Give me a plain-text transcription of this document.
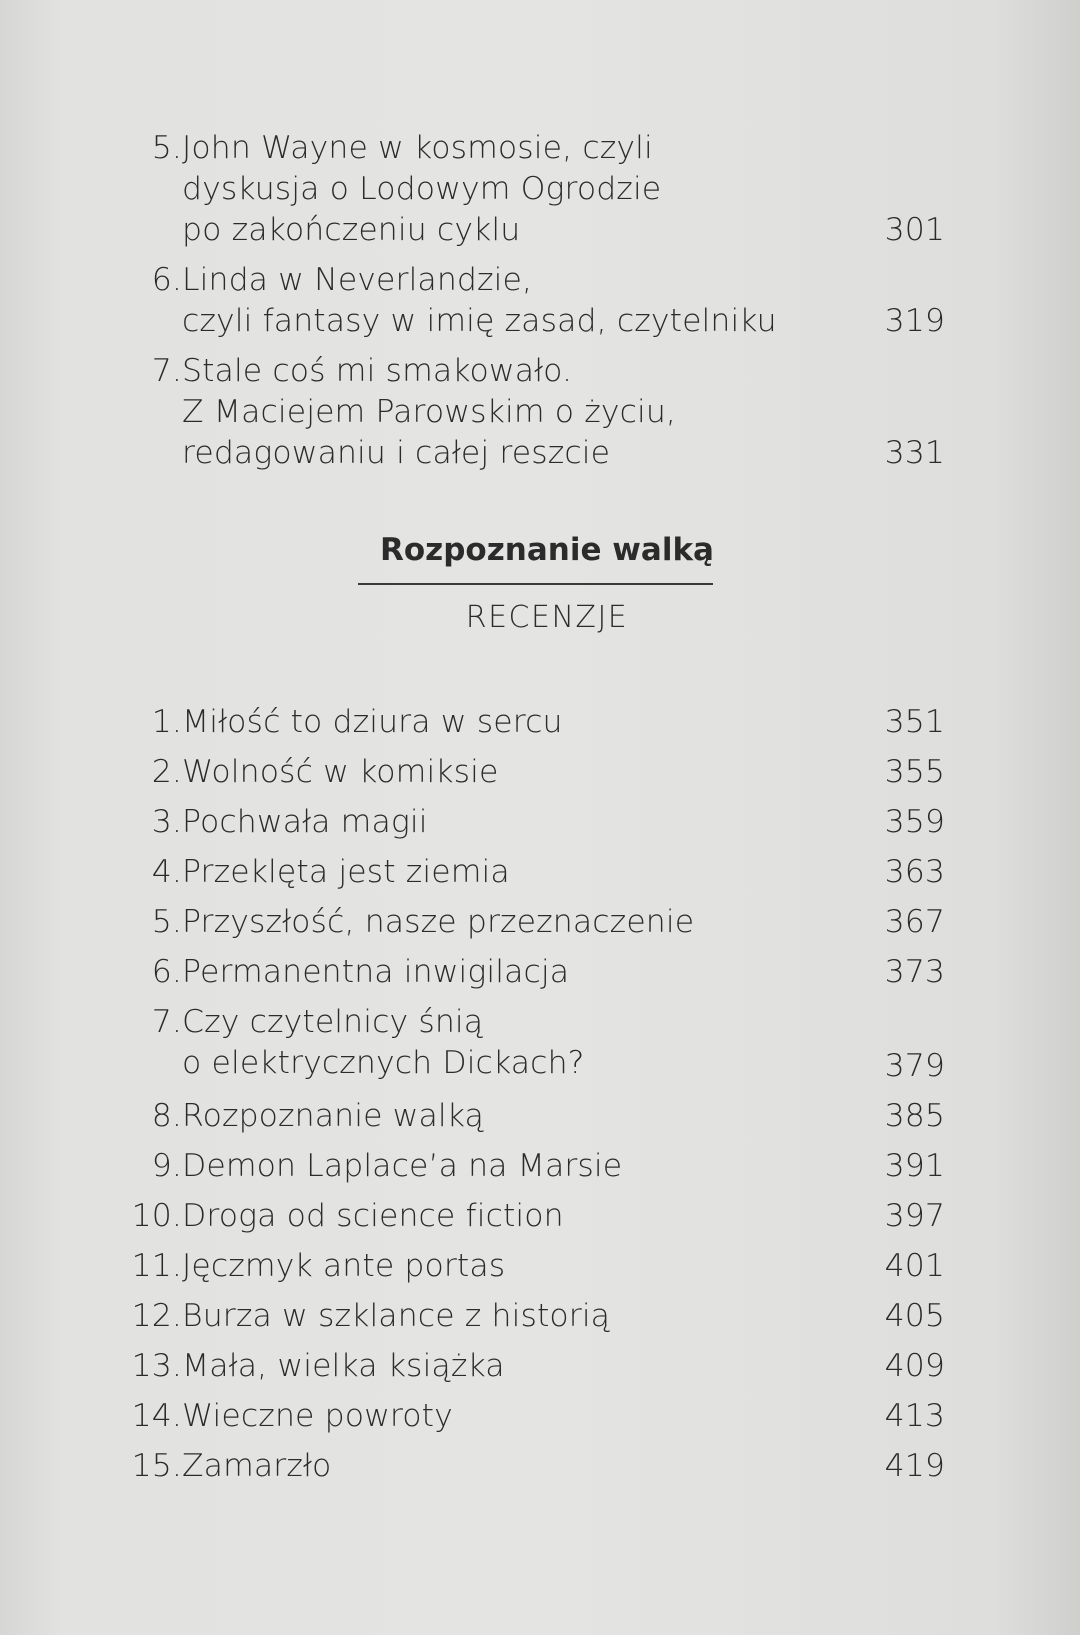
5. John Wayne w kosmosie, czyli
dyskusja o Lodowym Ogrodzie
po zakończeniu cyklu	301
6. Linda w Neverlandzie,
czyli fantasy w imię zasad, czytelniku	319
7. Stale coś mi smakowało.
Z Maciejem Parowskim o życiu,
redagowaniu i całej reszcie	331
Rozpoznanie walką
RECENZJE
1. Miłość to dziura w sercu	351
2. Wolność w komiksie	355
3. Pochwała magii	359
4. Przeklęta jest ziemia	363
5. Przyszłość, nasze przeznaczenie	367
6. Permanentna inwigilacja	373
7. Czy czytelnicy śnią
o elektrycznych Dickach?	379
8. Rozpoznanie walką	385
9. Demon Laplace’a na Marsie	391
10. Droga od science fiction	397
11. Jęczmyk ante portas	401
12. Burza w szklance z historią	405
13. Mała, wielka książka	409
14. Wieczne powroty	413
15. Zamarzło	419
